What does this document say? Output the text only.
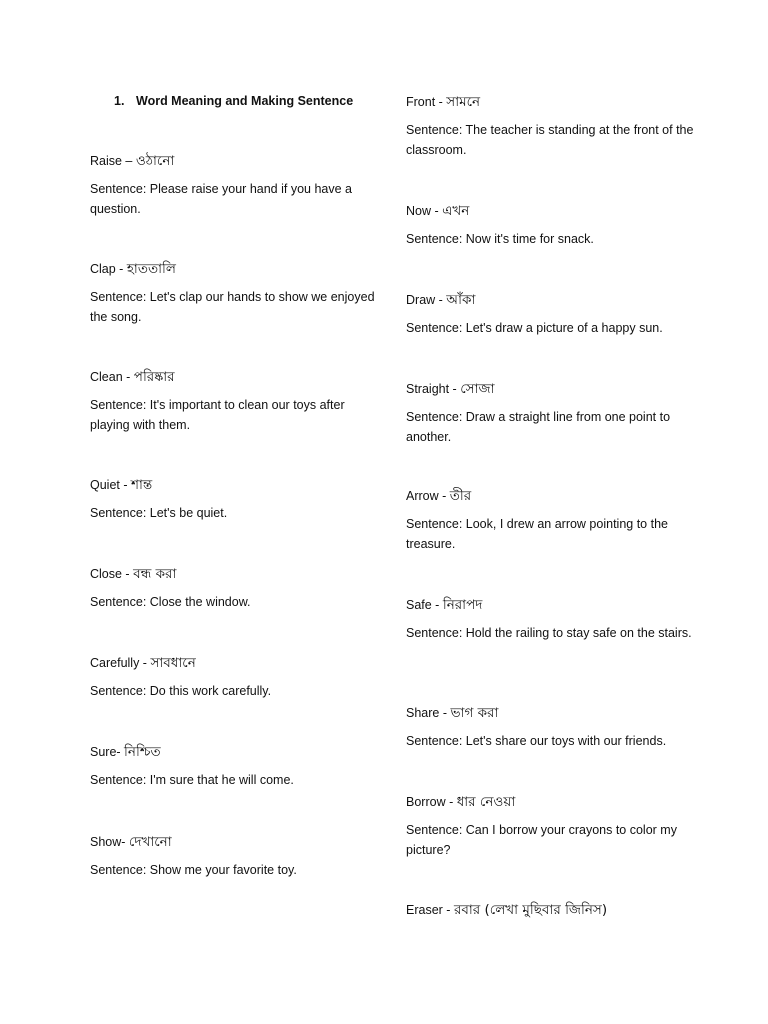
1. Word Meaning and Making Sentence
Raise – ওঠানো
Sentence: Please raise your hand if you have a question.
Clap - হাততালি
Sentence: Let's clap our hands to show we enjoyed the song.
Clean - পরিষ্কার
Sentence: It's important to clean our toys after playing with them.
Quiet - শান্ত
Sentence: Let's be quiet.
Close - বন্ধ করা
Sentence: Close the window.
Carefully - সাবধানে
Sentence: Do this work carefully.
Sure- নিশ্চিত
Sentence: I'm sure that he will come.
Show- দেখানো
Sentence: Show me your favorite toy.
Front - সামনে
Sentence: The teacher is standing at the front of the classroom.
Now - এখন
Sentence: Now it's time for snack.
Draw - আঁকা
Sentence: Let's draw a picture of a happy sun.
Straight - সোজা
Sentence: Draw a straight line from one point to another.
Arrow - তীর
Sentence: Look, I drew an arrow pointing to the treasure.
Safe - নিরাপদ
Sentence: Hold the railing to stay safe on the stairs.
Share - ভাগ করা
Sentence: Let's share our toys with our friends.
Borrow - ধার নেওয়া
Sentence: Can I borrow your crayons to color my picture?
Eraser - রবার (লেখা মুছিবার জিনিস)
